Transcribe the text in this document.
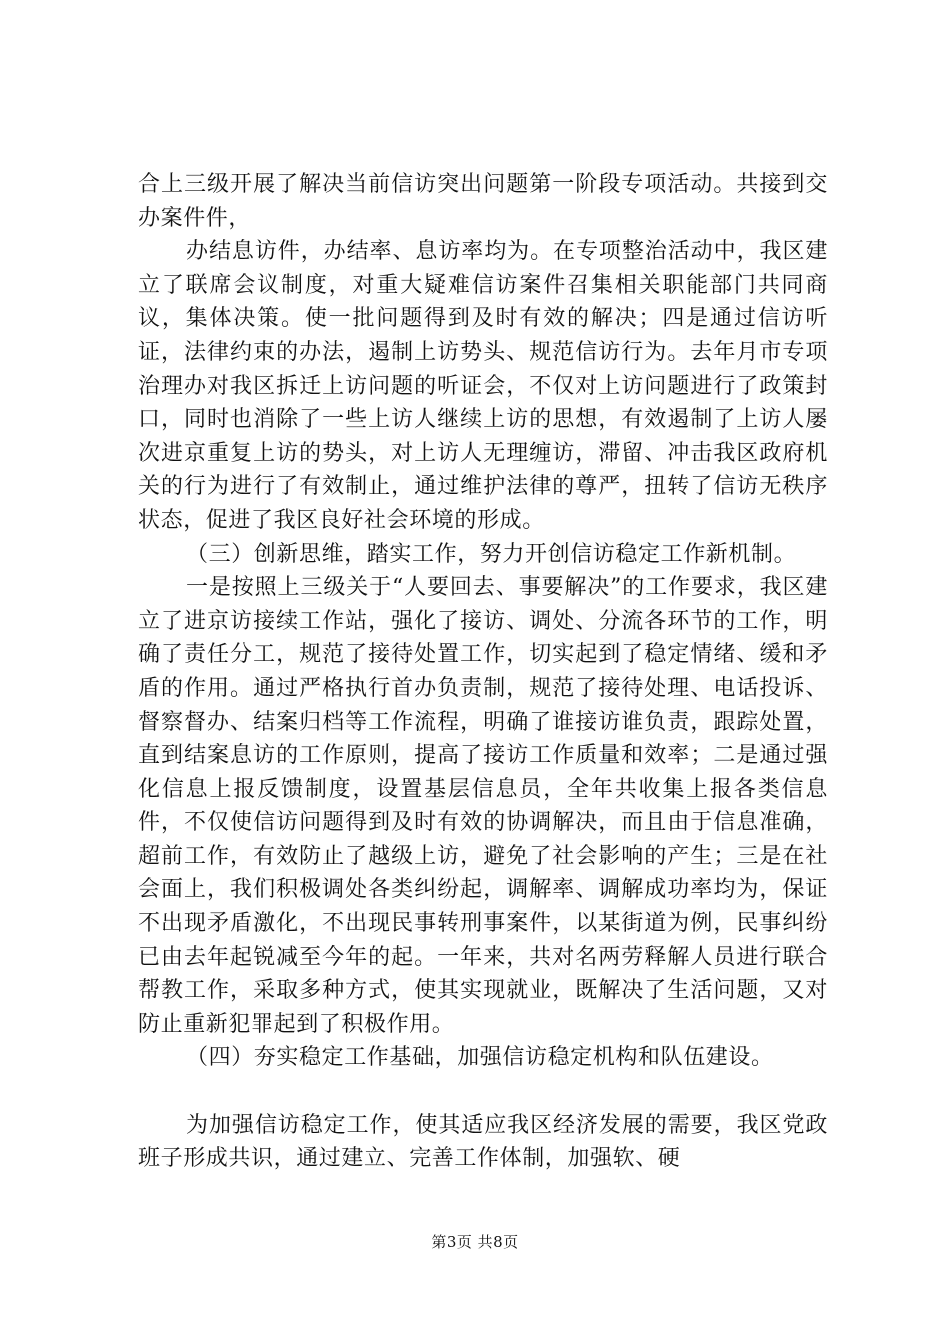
合上三级开展了解决当前信访突出问题第一阶段专项活动。共接到交办案件件，

办结息访件，办结率、息访率均为。在专项整治活动中，我区建立了联席会议制度，对重大疑难信访案件召集相关职能部门共同商议，集体决策。使一批问题得到及时有效的解决；四是通过信访听证，法律约束的办法，遏制上访势头、规范信访行为。去年月市专项治理办对我区拆迁上访问题的听证会，不仅对上访问题进行了政策封口，同时也消除了一些上访人继续上访的思想，有效遏制了上访人屡次进京重复上访的势头，对上访人无理缠访，滞留、冲击我区政府机关的行为进行了有效制止，通过维护法律的尊严，扭转了信访无秩序状态，促进了我区良好社会环境的形成。

（三）创新思维，踏实工作，努力开创信访稳定工作新机制。

一是按照上三级关于“人要回去、事要解决”的工作要求，我区建立了进京访接续工作站，强化了接访、调处、分流各环节的工作，明确了责任分工，规范了接待处置工作，切实起到了稳定情绪、缓和矛盾的作用。通过严格执行首办负责制，规范了接待处理、电话投诉、督察督办、结案归档等工作流程，明确了谁接访谁负责，跟踪处置，直到结案息访的工作原则，提高了接访工作质量和效率；二是通过强化信息上报反馈制度，设置基层信息员，全年共收集上报各类信息件，不仅使信访问题得到及时有效的协调解决，而且由于信息准确，超前工作，有效防止了越级上访，避免了社会影响的产生；三是在社会面上，我们积极调处各类纠纷起，调解率、调解成功率均为，保证不出现矛盾激化，不出现民事转刑事案件，以某街道为例，民事纠纷已由去年起锐减至今年的起。一年来，共对名两劳释解人员进行联合帮教工作，采取多种方式，使其实现就业，既解决了生活问题，又对防止重新犯罪起到了积极作用。

（四）夯实稳定工作基础，加强信访稳定机构和队伍建设。

为加强信访稳定工作，使其适应我区经济发展的需要，我区党政班子形成共识，通过建立、完善工作体制，加强软、硬

第3页 共8页
